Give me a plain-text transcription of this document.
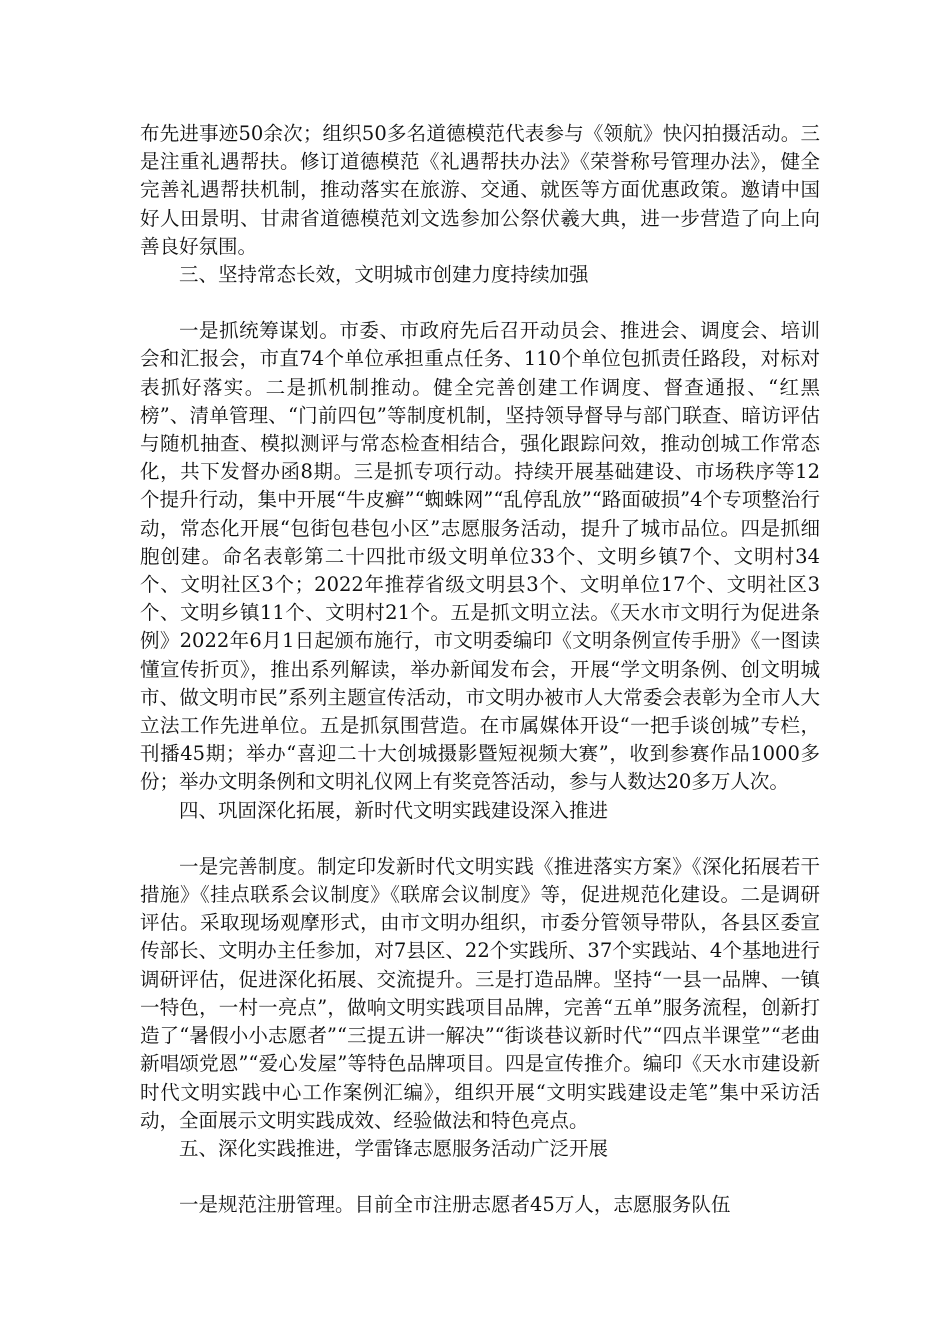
布先进事迹50余次；组织50多名道德模范代表参与《领航》快闪拍摄活动。三是注重礼遇帮扶。修订道德模范《礼遇帮扶办法》《荣誉称号管理办法》，健全完善礼遇帮扶机制，推动落实在旅游、交通、就医等方面优惠政策。邀请中国好人田景明、甘肃省道德模范刘文选参加公祭伏羲大典，进一步营造了向上向善良好氛围。

三、坚持常态长效，文明城市创建力度持续加强

一是抓统筹谋划。市委、市政府先后召开动员会、推进会、调度会、培训会和汇报会，市直74个单位承担重点任务、110个单位包抓责任路段，对标对表抓好落实。二是抓机制推动。健全完善创建工作调度、督查通报、“红黑榜”、清单管理、“门前四包”等制度机制，坚持领导督导与部门联查、暗访评估与随机抽查、模拟测评与常态检查相结合，强化跟踪问效，推动创城工作常态化，共下发督办函8期。三是抓专项行动。持续开展基础建设、市场秩序等12个提升行动，集中开展“牛皮癣”“蜘蛛网”“乱停乱放”“路面破损”4个专项整治行动，常态化开展“包街包巷包小区”志愿服务活动，提升了城市品位。四是抓细胞创建。命名表彰第二十四批市级文明单位33个、文明乡镇7个、文明村34个、文明社区3个；2022年推荐省级文明县3个、文明单位17个、文明社区3个、文明乡镇11个、文明村21个。五是抓文明立法。《天水市文明行为促进条例》2022年6月1日起颁布施行，市文明委编印《文明条例宣传手册》《一图读懂宣传折页》，推出系列解读，举办新闻发布会，开展“学文明条例、创文明城市、做文明市民”系列主题宣传活动，市文明办被市人大常委会表彰为全市人大立法工作先进单位。五是抓氛围营造。在市属媒体开设“一把手谈创城”专栏，刊播45期；举办“喜迎二十大创城摄影暨短视频大赛”，收到参赛作品1000多份；举办文明条例和文明礼仪网上有奖竞答活动，参与人数达20多万人次。

四、巩固深化拓展，新时代文明实践建设深入推进

一是完善制度。制定印发新时代文明实践《推进落实方案》《深化拓展若干措施》《挂点联系会议制度》《联席会议制度》等，促进规范化建设。二是调研评估。采取现场观摩形式，由市文明办组织，市委分管领导带队，各县区委宣传部长、文明办主任参加，对7县区、22个实践所、37个实践站、4个基地进行调研评估，促进深化拓展、交流提升。三是打造品牌。坚持“一县一品牌、一镇一特色，一村一亮点”，做响文明实践项目品牌，完善“五单”服务流程，创新打造了“暑假小小志愿者”“三提五讲一解决”“街谈巷议新时代”“四点半课堂”“老曲新唱颂党恩”“爱心发屋”等特色品牌项目。四是宣传推介。编印《天水市建设新时代文明实践中心工作案例汇编》，组织开展“文明实践建设走笔”集中采访活动，全面展示文明实践成效、经验做法和特色亮点。

五、深化实践推进，学雷锋志愿服务活动广泛开展

一是规范注册管理。目前全市注册志愿者45万人，志愿服务队伍
